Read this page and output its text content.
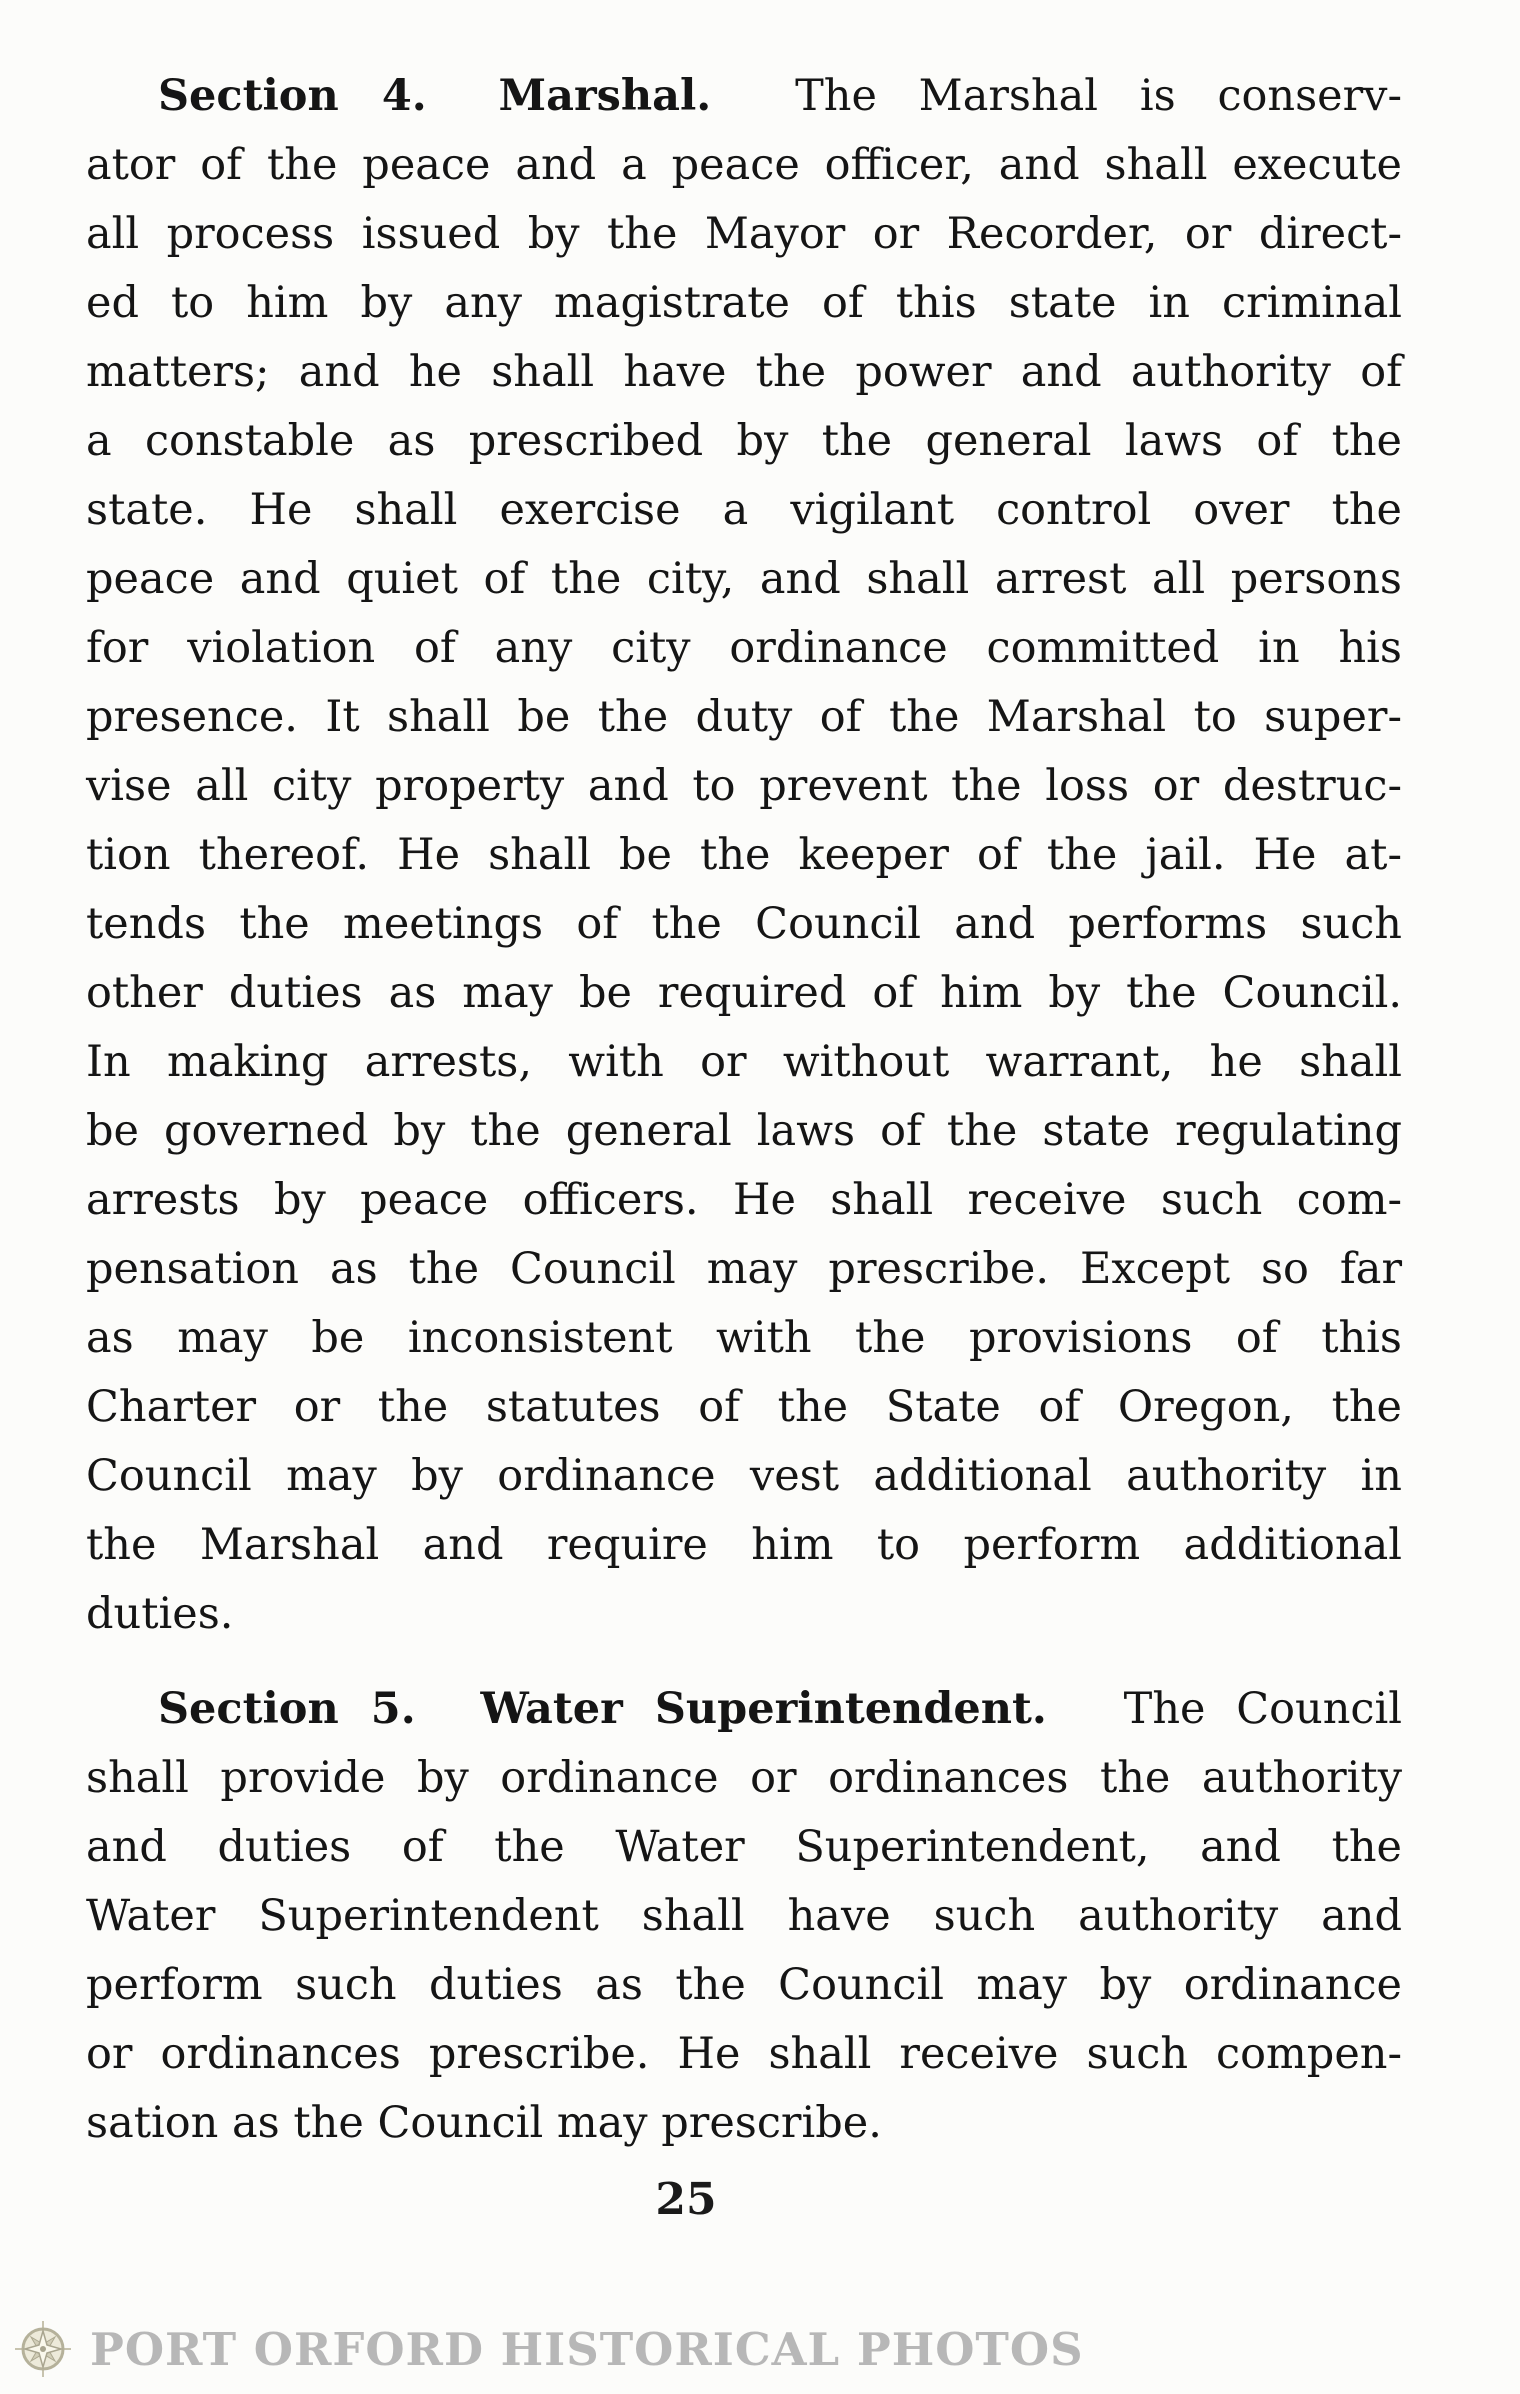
Section 4. Marshal. The Marshal is conserv-
ator of the peace and a peace officer, and shall execute
all process issued by the Mayor or Recorder, or direct-
ed to him by any magistrate of this state in criminal
matters; and he shall have the power and authority of
a constable as prescribed by the general laws of the
state. He shall exercise a vigilant control over the
peace and quiet of the city, and shall arrest all persons
for violation of any city ordinance committed in his
presence. It shall be the duty of the Marshal to super-
vise all city property and to prevent the loss or destruc-
tion thereof. He shall be the keeper of the jail. He at-
tends the meetings of the Council and performs such
other duties as may be required of him by the Council.
In making arrests, with or without warrant, he shall
be governed by the general laws of the state regulating
arrests by peace officers. He shall receive such com-
pensation as the Council may prescribe. Except so far
as may be inconsistent with the provisions of this
Charter or the statutes of the State of Oregon, the
Council may by ordinance vest additional authority in
the Marshal and require him to perform additional
duties.
Section 5. Water Superintendent. The Council
shall provide by ordinance or ordinances the authority
and duties of the Water Superintendent, and the
Water Superintendent shall have such authority and
perform such duties as the Council may by ordinance
or ordinances prescribe. He shall receive such compen-
sation as the Council may prescribe.
25
PORT ORFORD HISTORICAL PHOTOS
